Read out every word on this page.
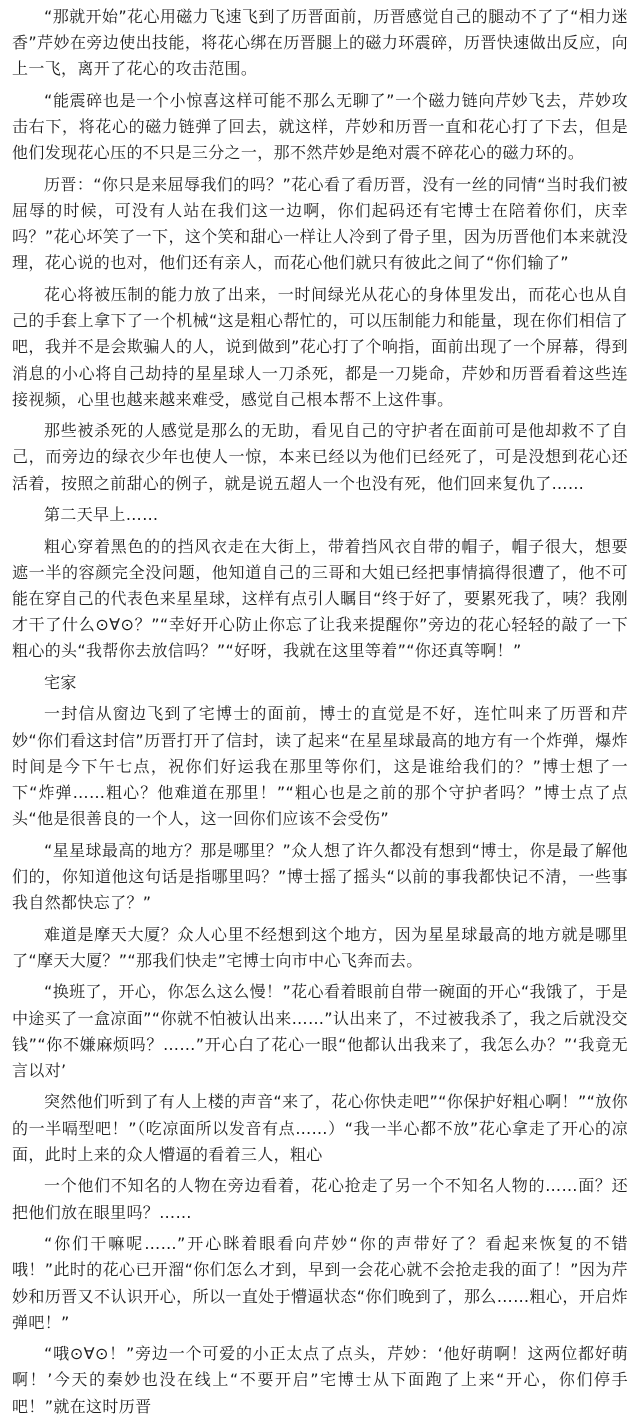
“那就开始”花心用磁力飞速飞到了历晋面前，历晋感觉自己的腿动不了了“相力迷香”芹妙在旁边使出技能，将花心绑在历晋腿上的磁力环震碎，历晋快速做出反应，向上一飞，离开了花心的攻击范围。

“能震碎也是一个小惊喜这样可能不那么无聊了”一个磁力链向芹妙飞去，芹妙攻击右下，将花心的磁力链弹了回去，就这样，芹妙和历晋一直和花心打了下去，但是他们发现花心压的不只是三分之一，那不然芹妙是绝对震不碎花心的磁力环的。

历晋：“你只是来屈辱我们的吗？”花心看了看历晋，没有一丝的同情“当时我们被屈辱的时候，可没有人站在我们这一边啊，你们起码还有宅博士在陪着你们，庆幸吗？”花心坏笑了一下，这个笑和甜心一样让人冷到了骨子里，因为历晋他们本来就没理，花心说的也对，他们还有亲人，而花心他们就只有彼此之间了“你们输了”

花心将被压制的能力放了出来，一时间绿光从花心的身体里发出，而花心也从自己的手套上拿下了一个机械“这是粗心帮忙的，可以压制能力和能量，现在你们相信了吧，我并不是会欺骗人的人，说到做到”花心打了个响指，面前出现了一个屏幕，得到消息的小心将自己劫持的星星球人一刀杀死，都是一刀毙命，芹妙和历晋看着这些连接视频，心里也越来越来难受，感觉自己根本帮不上这件事。

那些被杀死的人感觉是那么的无助，看见自己的守护者在面前可是他却救不了自己，而旁边的绿衣少年也使人一惊，本来已经以为他们已经死了，可是没想到花心还活着，按照之前甜心的例子，就是说五超人一个也没有死，他们回来复仇了……

第二天早上……

粗心穿着黑色的的挡风衣走在大街上，带着挡风衣自带的帽子，帽子很大，想要遮一半的容颜完全没问题，他知道自己的三哥和大姐已经把事情搞得很遭了，他不可能在穿自己的代表色来星星球，这样有点引人瞩目“终于好了，要累死我了，咦？我刚才干了什么⊙∀⊙？”“幸好开心防止你忘了让我来提醒你”旁边的花心轻轻的敲了一下粗心的头“我帮你去放信吗？”“好呀，我就在这里等着”“你还真等啊！”

宅家

一封信从窗边飞到了宅博士的面前，博士的直觉是不好，连忙叫来了历晋和芹妙“你们看这封信”历晋打开了信封，读了起来“在星星球最高的地方有一个炸弹，爆炸时间是今下午七点，祝你们好运我在那里等你们，这是谁给我们的？”博士想了一下“炸弹……粗心？他难道在那里！”“粗心也是之前的那个守护者吗？”博士点了点头“他是很善良的一个人，这一回你们应该不会受伤”

“星星球最高的地方？那是哪里？”众人想了许久都没有想到“博士，你是最了解他们的，你知道他这句话是指哪里吗？”博士摇了摇头“以前的事我都快记不清，一些事我自然都快忘了？”

难道是摩天大厦？众人心里不经想到这个地方，因为星星球最高的地方就是哪里了“摩天大厦？”“那我们快走”宅博士向市中心飞奔而去。

“换班了，开心，你怎么这么慢！”花心看着眼前自带一碗面的开心“我饿了，于是中途买了一盒凉面”“你就不怕被认出来……”认出来了，不过被我杀了，我之后就没交钱”“你不嫌麻烦吗？……”开心白了花心一眼“他都认出我来了，我怎么办？”‘我竟无言以对’

突然他们听到了有人上楼的声音“来了，花心你快走吧”“你保护好粗心啊！”“放你的一半嗝型吧！”（吃凉面所以发音有点……）“我一半心都不放”花心拿走了开心的凉面，此时上来的众人懵逼的看着三人，粗心

一个他们不知名的人物在旁边看着，花心抢走了另一个不知名人物的……面？还把他们放在眼里吗？……

“你们干嘛呢……”开心眯着眼看向芹妙“你的声带好了？看起来恢复的不错哦！”此时的花心已开溜“你们怎么才到，早到一会花心就不会抢走我的面了！”因为芹妙和历晋又不认识开心，所以一直处于懵逼状态“你们晚到了，那么……粗心，开启炸弹吧！”

“哦⊙∀⊙！”旁边一个可爱的小正太点了点头，芹妙：‘他好萌啊！这两位都好萌啊！’今天的秦妙也没在线上“不要开启”宅博士从下面跑了上来“开心，你们停手吧！”就在这时历晋
